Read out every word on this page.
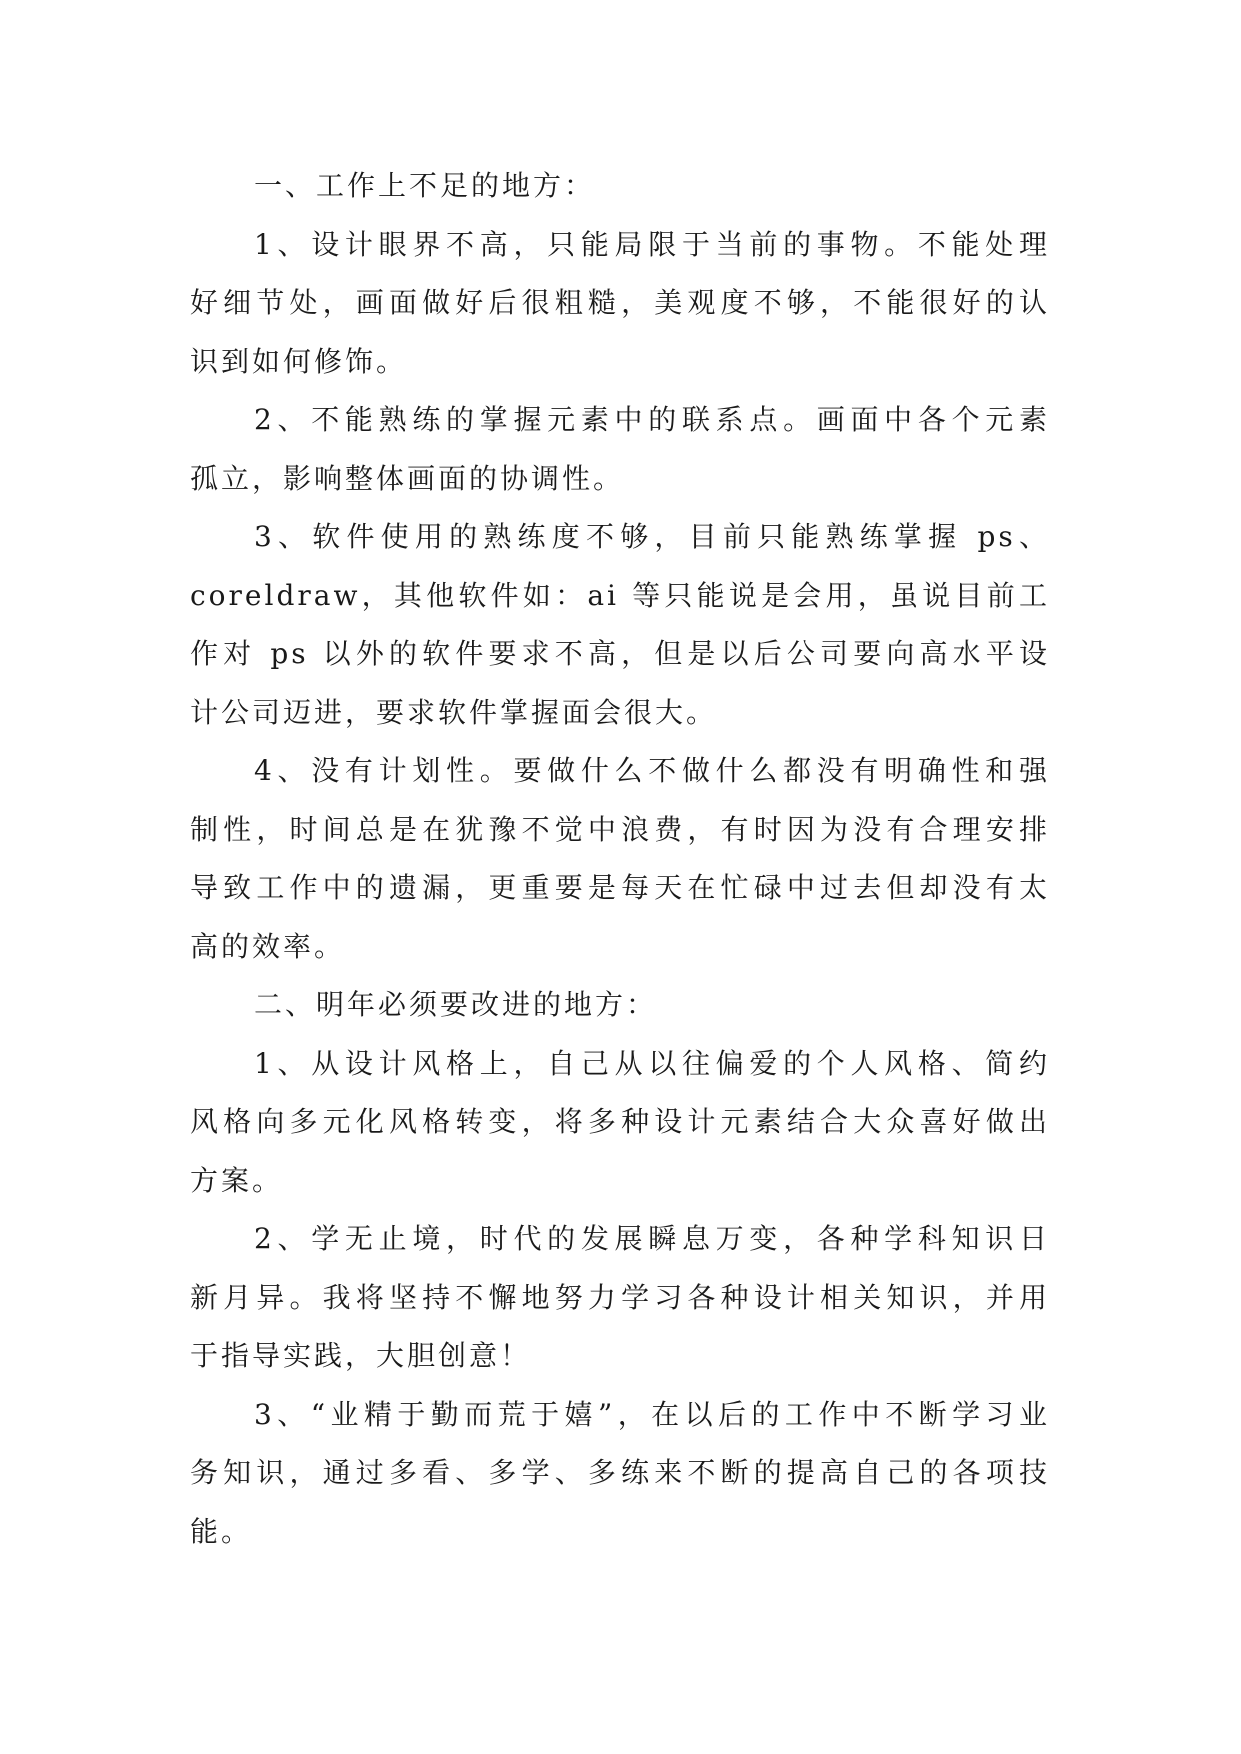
一、工作上不足的地方：
1、设计眼界不高，只能局限于当前的事物。不能处理
好细节处，画面做好后很粗糙，美观度不够，不能很好的认
识到如何修饰。
2、不能熟练的掌握元素中的联系点。画面中各个元素
孤立，影响整体画面的协调性。
3、软件使用的熟练度不够，目前只能熟练掌握 ps、
coreldraw，其他软件如：ai 等只能说是会用，虽说目前工
作对 ps 以外的软件要求不高，但是以后公司要向高水平设
计公司迈进，要求软件掌握面会很大。
4、没有计划性。要做什么不做什么都没有明确性和强
制性，时间总是在犹豫不觉中浪费，有时因为没有合理安排
导致工作中的遗漏，更重要是每天在忙碌中过去但却没有太
高的效率。
二、明年必须要改进的地方：
1、从设计风格上，自己从以往偏爱的个人风格、简约
风格向多元化风格转变，将多种设计元素结合大众喜好做出
方案。
2、学无止境，时代的发展瞬息万变，各种学科知识日
新月异。我将坚持不懈地努力学习各种设计相关知识，并用
于指导实践，大胆创意！
3、“业精于勤而荒于嬉”，在以后的工作中不断学习业
务知识，通过多看、多学、多练来不断的提高自己的各项技
能。
